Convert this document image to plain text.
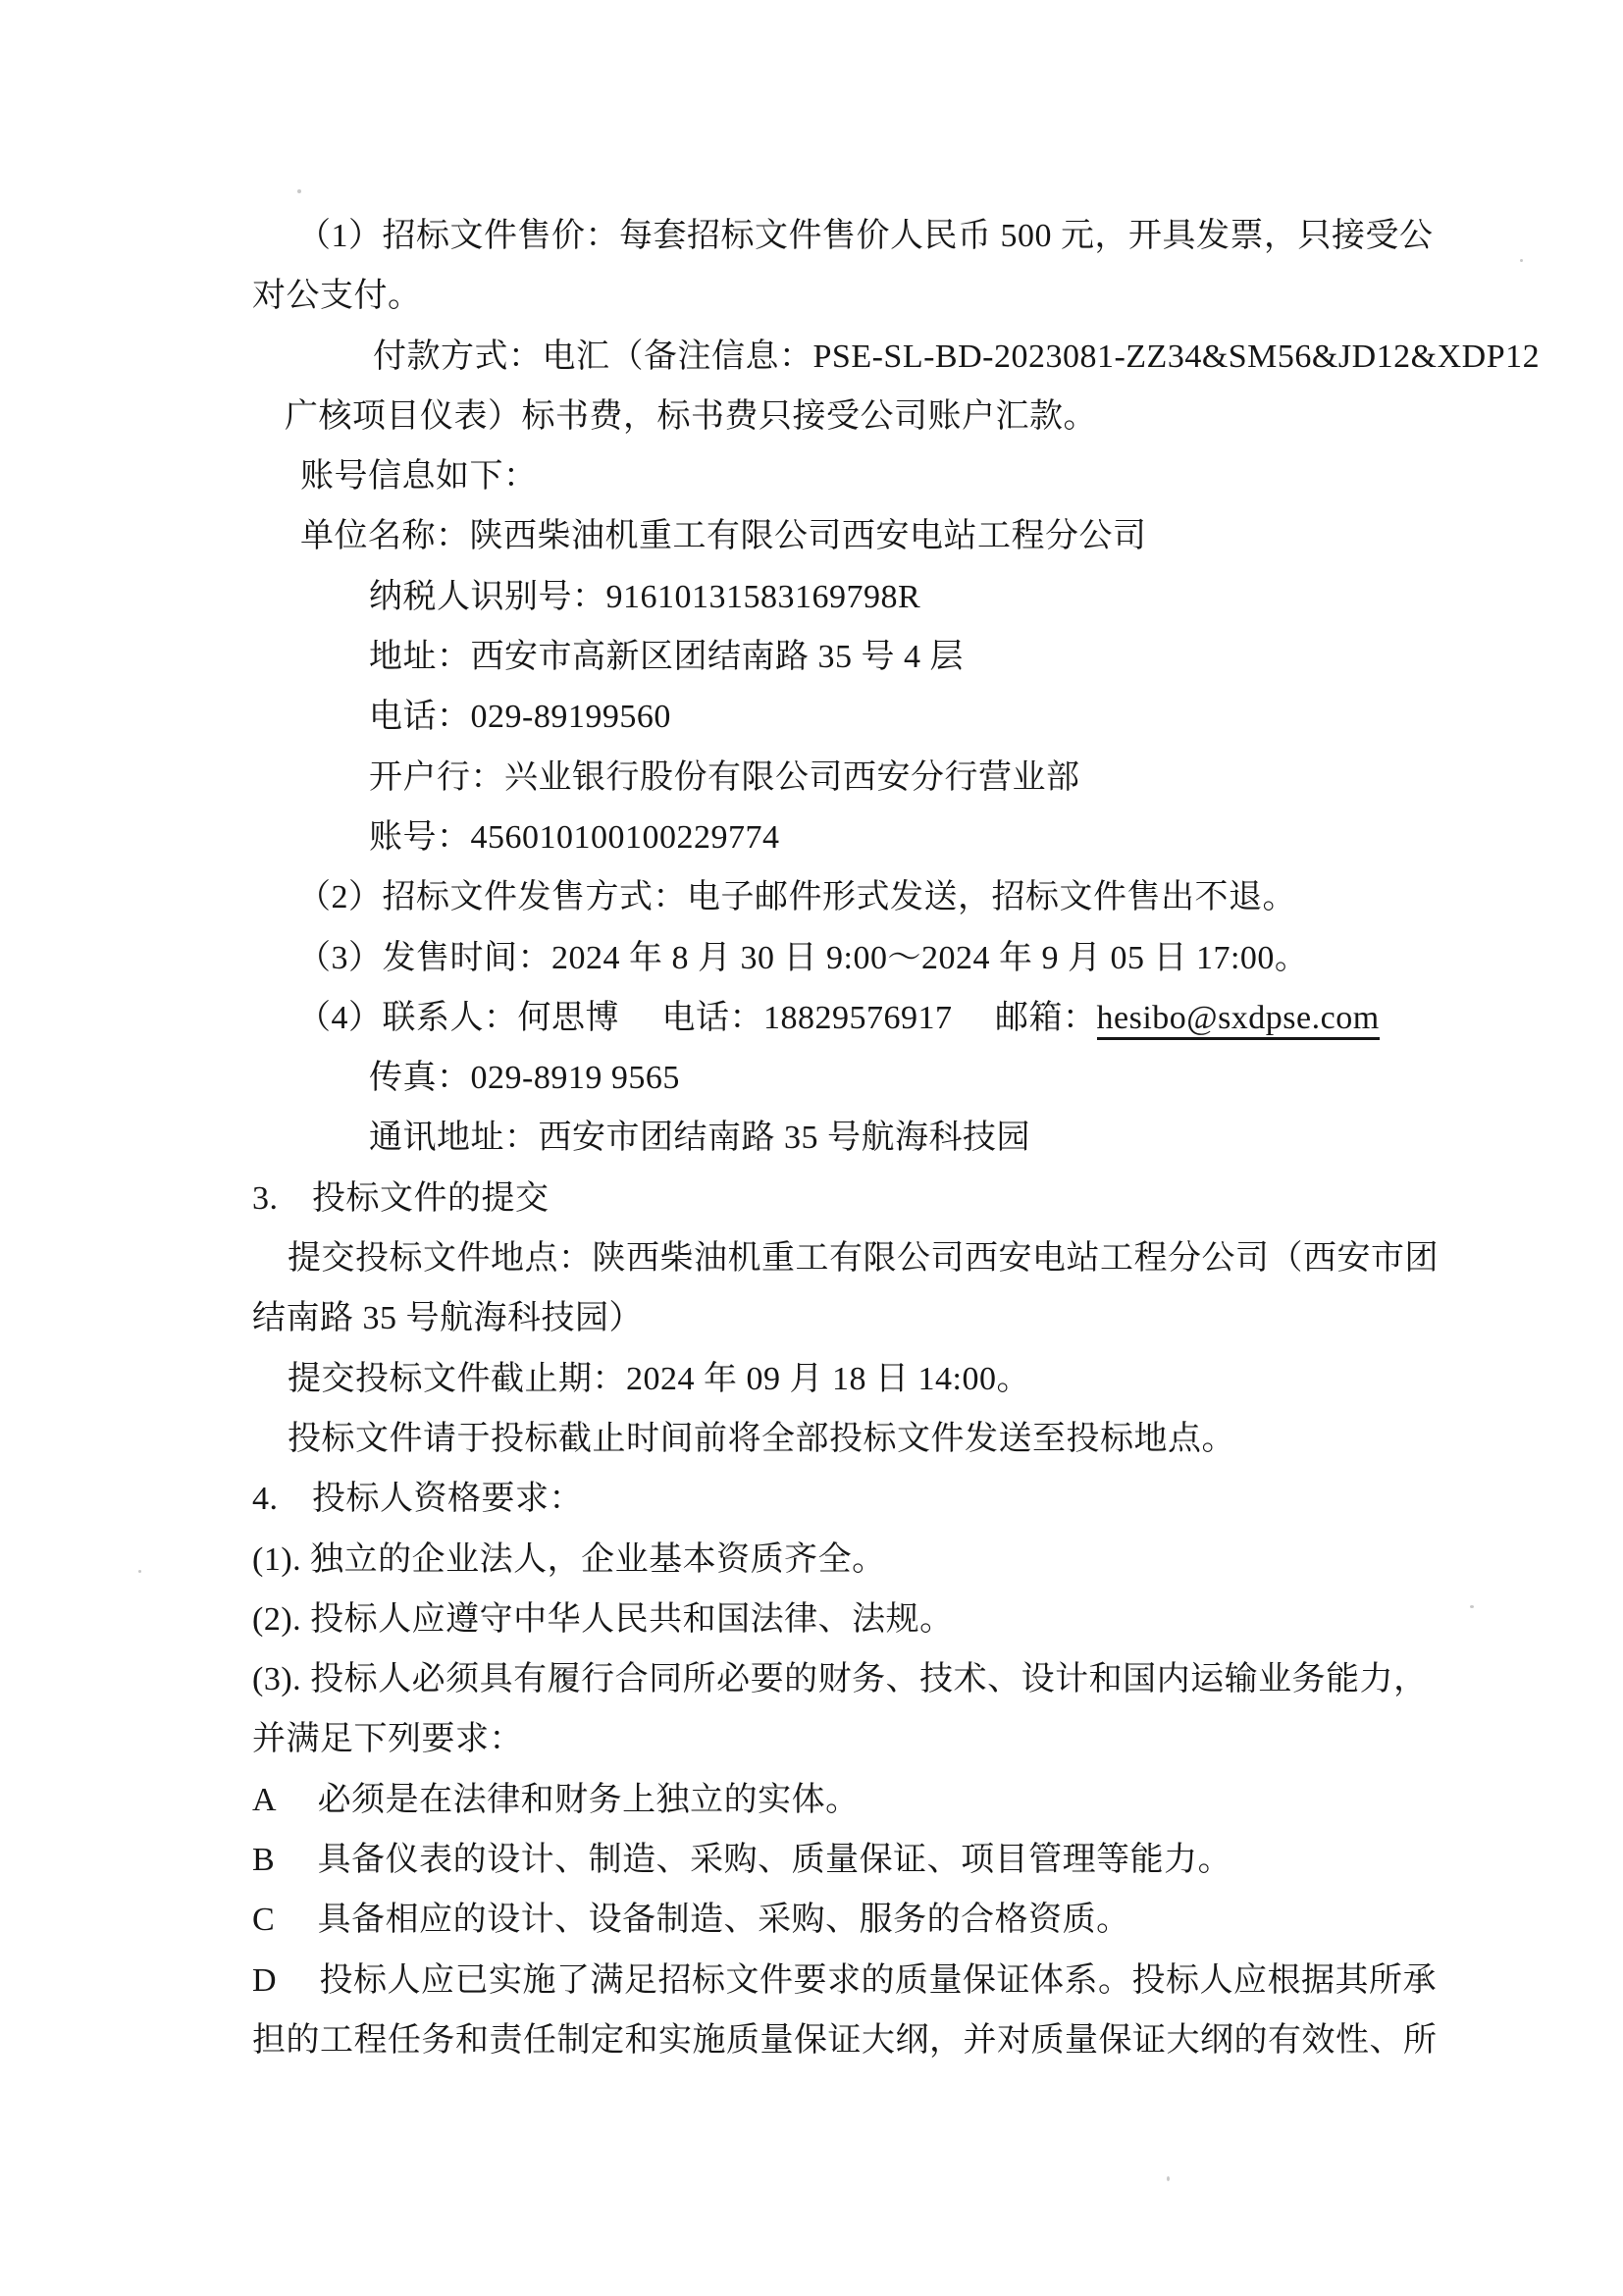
（1）招标文件售价：每套招标文件售价人民币 500 元，开具发票，只接受公
对公支付。
付款方式：电汇（备注信息：PSE-SL-BD-2023081-ZZ34&SM56&JD12&XDP12
广核项目仪表）标书费，标书费只接受公司账户汇款。
账号信息如下：
单位名称：陕西柴油机重工有限公司西安电站工程分公司
纳税人识别号：91610131583169798R
地址：西安市高新区团结南路 35 号 4 层
电话：029-89199560
开户行：兴业银行股份有限公司西安分行营业部
账号：456010100100229774
（2）招标文件发售方式：电子邮件形式发送，招标文件售出不退。
（3）发售时间：2024 年 8 月 30 日 9:00～2024 年 9 月 05 日 17:00。
（4）联系人：何思博　 电话：18829576917　 邮箱：hesibo@sxdpse.com
传真：029-8919 9565
通讯地址：西安市团结南路 35 号航海科技园
3.　投标文件的提交
提交投标文件地点：陕西柴油机重工有限公司西安电站工程分公司（西安市团
结南路 35 号航海科技园）
提交投标文件截止期：2024 年 09 月 18 日 14:00。
投标文件请于投标截止时间前将全部投标文件发送至投标地点。
4.　投标人资格要求：
(1). 独立的企业法人，企业基本资质齐全。
(2). 投标人应遵守中华人民共和国法律、法规。
(3). 投标人必须具有履行合同所必要的财务、技术、设计和国内运输业务能力，
并满足下列要求：
A　 必须是在法律和财务上独立的实体。
B　 具备仪表的设计、制造、采购、质量保证、项目管理等能力。
C　 具备相应的设计、设备制造、采购、服务的合格资质。
D　 投标人应已实施了满足招标文件要求的质量保证体系。投标人应根据其所承
担的工程任务和责任制定和实施质量保证大纲，并对质量保证大纲的有效性、所
